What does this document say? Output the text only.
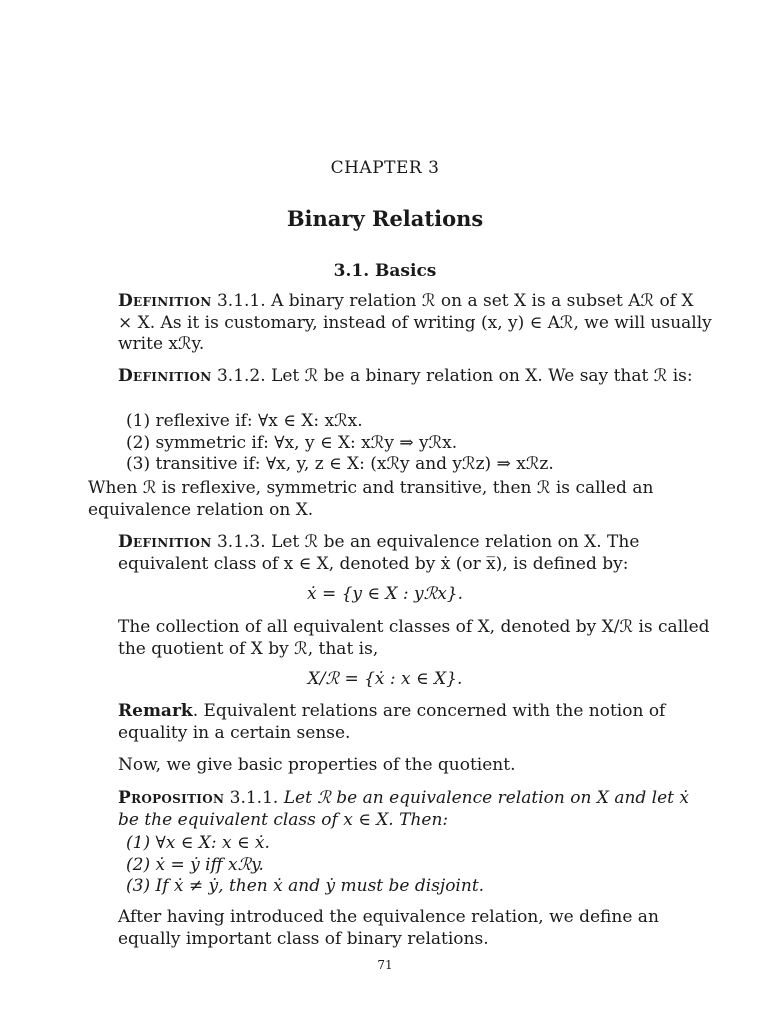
CHAPTER 3
Binary Relations
3.1. Basics
Definition 3.1.1. A binary relation ℛ on a set X is a subset Aℛ of X × X. As it is customary, instead of writing (x, y) ∈ Aℛ, we will usually write xℛy.
Definition 3.1.2. Let ℛ be a binary relation on X. We say that ℛ is:
(1) reflexive if: ∀x ∈ X: xℛx.
(2) symmetric if: ∀x, y ∈ X: xℛy ⇒ yℛx.
(3) transitive if: ∀x, y, z ∈ X: (xℛy and yℛz) ⇒ xℛz.
When ℛ is reflexive, symmetric and transitive, then ℛ is called an equivalence relation on X.
Definition 3.1.3. Let ℛ be an equivalence relation on X. The equivalent class of x ∈ X, denoted by ẋ (or x̅), is defined by:
ẋ = {y ∈ X : yℛx}.
The collection of all equivalent classes of X, denoted by X/ℛ is called the quotient of X by ℛ, that is,
X/ℛ = {ẋ : x ∈ X}.
Remark. Equivalent relations are concerned with the notion of equality in a certain sense.
Now, we give basic properties of the quotient.
Proposition 3.1.1. Let ℛ be an equivalence relation on X and let ẋ be the equivalent class of x ∈ X. Then:
(1) ∀x ∈ X: x ∈ ẋ.
(2) ẋ = ẏ iff xℛy.
(3) If ẋ ≠ ẏ, then ẋ and ẏ must be disjoint.
After having introduced the equivalence relation, we define an equally important class of binary relations.
71
